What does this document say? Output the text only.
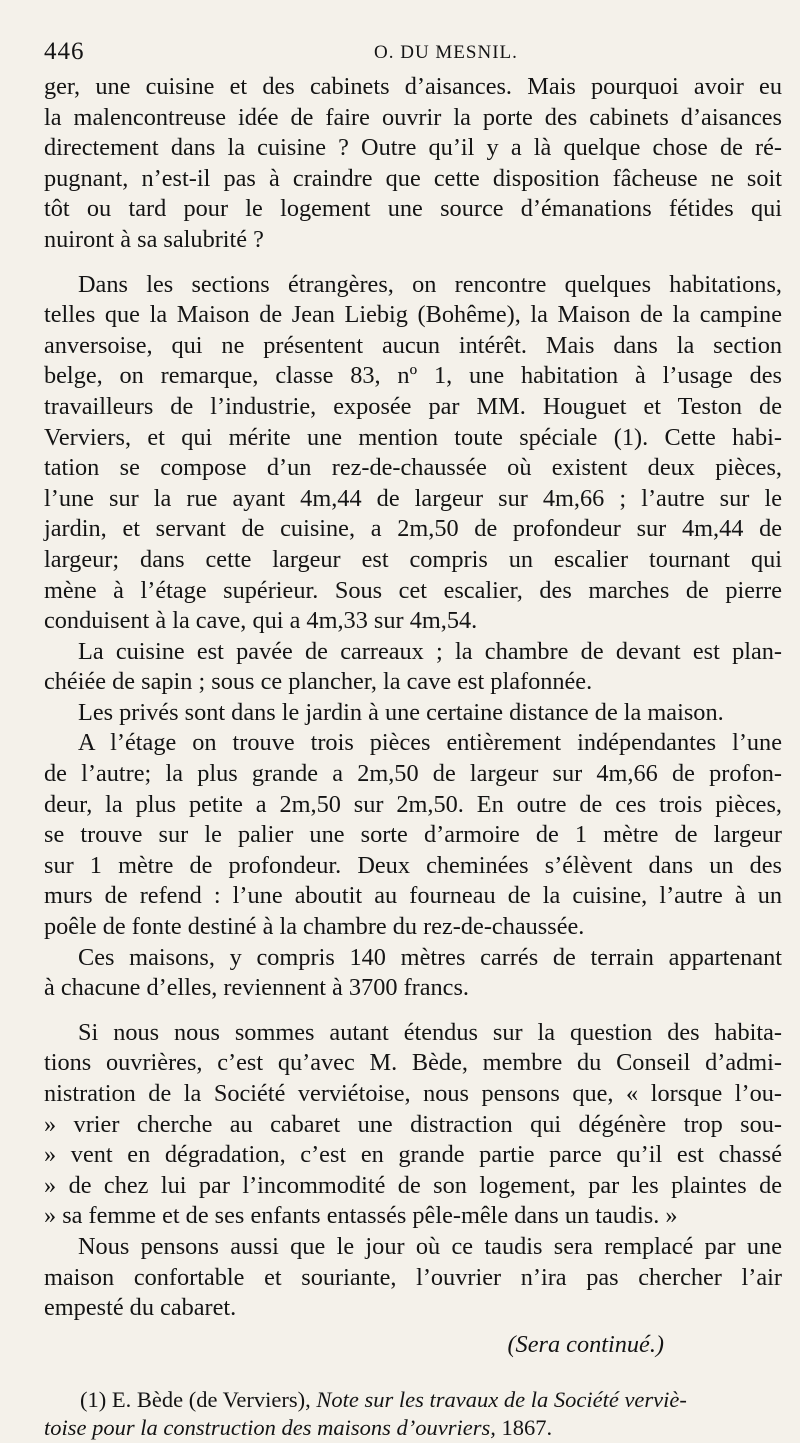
446	O. DU MESNIL.
ger, une cuisine et des cabinets d’aisances. Mais pourquoi avoir eu
la malencontreuse idée de faire ouvrir la porte des cabinets d’aisances
directement dans la cuisine ? Outre qu’il y a là quelque chose de ré-
pugnant, n’est-il pas à craindre que cette disposition fâcheuse ne soit
tôt ou tard pour le logement une source d’émanations fétides qui
nuiront à sa salubrité ?
Dans les sections étrangères, on rencontre quelques habitations,
telles que la Maison de Jean Liebig (Bohême), la Maison de la campine
anversoise, qui ne présentent aucun intérêt. Mais dans la section
belge, on remarque, classe 83, nº 1, une habitation à l’usage des
travailleurs de l’industrie, exposée par MM. Houguet et Teston de
Verviers, et qui mérite une mention toute spéciale (1). Cette habi-
tation se compose d’un rez-de-chaussée où existent deux pièces,
l’une sur la rue ayant 4m,44 de largeur sur 4m,66 ; l’autre sur le
jardin, et servant de cuisine, a 2m,50 de profondeur sur 4m,44 de
largeur; dans cette largeur est compris un escalier tournant qui
mène à l’étage supérieur. Sous cet escalier, des marches de pierre
conduisent à la cave, qui a 4m,33 sur 4m,54.
La cuisine est pavée de carreaux ; la chambre de devant est plan-
chéiée de sapin ; sous ce plancher, la cave est plafonnée.
Les privés sont dans le jardin à une certaine distance de la maison.
A l’étage on trouve trois pièces entièrement indépendantes l’une
de l’autre; la plus grande a 2m,50 de largeur sur 4m,66 de profon-
deur, la plus petite a 2m,50 sur 2m,50. En outre de ces trois pièces,
se trouve sur le palier une sorte d’armoire de 1 mètre de largeur
sur 1 mètre de profondeur. Deux cheminées s’élèvent dans un des
murs de refend : l’une aboutit au fourneau de la cuisine, l’autre à un
poêle de fonte destiné à la chambre du rez-de-chaussée.
Ces maisons, y compris 140 mètres carrés de terrain appartenant
à chacune d’elles, reviennent à 3700 francs.
Si nous nous sommes autant étendus sur la question des habita-
tions ouvrières, c’est qu’avec M. Bède, membre du Conseil d’admi-
nistration de la Société verviétoise, nous pensons que, « lorsque l’ou-
» vrier cherche au cabaret une distraction qui dégénère trop sou-
» vent en dégradation, c’est en grande partie parce qu’il est chassé
» de chez lui par l’incommodité de son logement, par les plaintes de
» sa femme et de ses enfants entassés pêle-mêle dans un taudis. »
Nous pensons aussi que le jour où ce taudis sera remplacé par une
maison confortable et souriante, l’ouvrier n’ira pas chercher l’air
empesté du cabaret.
(Sera continué.)
(1) E. Bède (de Verviers), Note sur les travaux de la Société verviè-
toise pour la construction des maisons d’ouvriers, 1867.
